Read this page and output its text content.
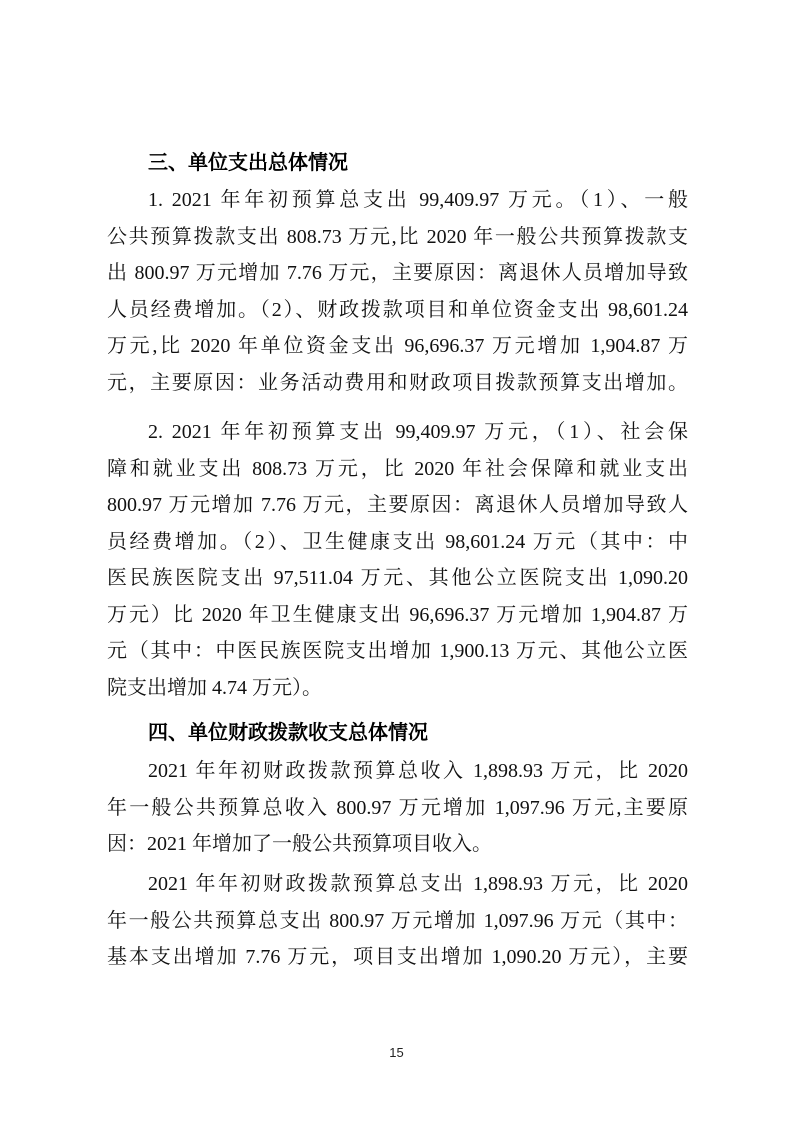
三、单位支出总体情况
1. 2021 年年初预算总支出 99,409.97 万元。（1）、一般
公共预算拨款支出 808.73 万元,比 2020 年一般公共预算拨款支
出 800.97 万元增加 7.76 万元，主要原因：离退休人员增加导致
人员经费增加。（2）、财政拨款项目和单位资金支出 98,601.24
万元,比 2020 年单位资金支出 96,696.37 万元增加 1,904.87 万
元，主要原因：业务活动费用和财政项目拨款预算支出增加。
2. 2021 年年初预算支出 99,409.97 万元，（1）、社会保
障和就业支出 808.73 万元，比 2020 年社会保障和就业支出
800.97 万元增加 7.76 万元，主要原因：离退休人员增加导致人
员经费增加。（2）、卫生健康支出 98,601.24 万元（其中：中
医民族医院支出 97,511.04 万元、其他公立医院支出 1,090.20
万元）比 2020 年卫生健康支出 96,696.37 万元增加 1,904.87 万
元（其中：中医民族医院支出增加 1,900.13 万元、其他公立医
院支出增加 4.74 万元）。
四、单位财政拨款收支总体情况
2021 年年初财政拨款预算总收入 1,898.93 万元，比 2020
年一般公共预算总收入 800.97 万元增加 1,097.96 万元,主要原
因：2021 年增加了一般公共预算项目收入。
2021 年年初财政拨款预算总支出 1,898.93 万元，比 2020
年一般公共预算总支出 800.97 万元增加 1,097.96 万元（其中：
基本支出增加 7.76 万元，项目支出增加 1,090.20 万元），主要
15
